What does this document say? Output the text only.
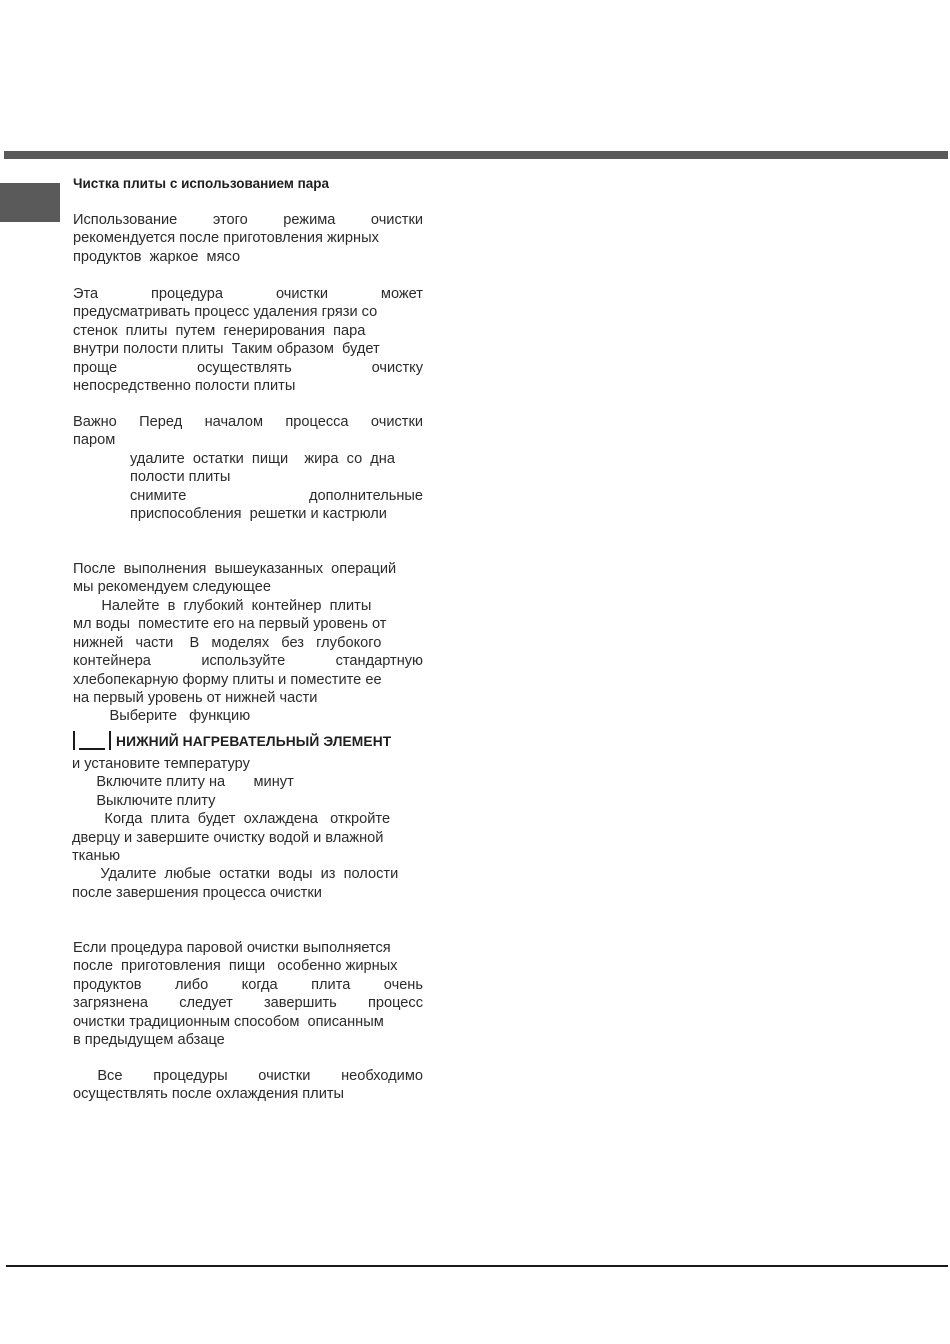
Чистка плиты с использованием пара
Использование этого режима очистки
рекомендуется после приготовления жирных
продуктов  жаркое  мясо
Эта	процедура	очистки	может
предусматривать процесс удаления грязи со
стенок  плиты  путем  генерирования  пара
внутри полости плиты  Таким образом  будет
проще	осуществлять	очистку
непосредственно полости плиты
Важно Перед началом процесса очистки
паром
удалите  остатки  пищи    жира  со  дна
полости плиты
снимите	дополнительные
приспособления  решетки и кастрюли
После  выполнения  вышеуказанных  операций
мы рекомендуем следующее
Налейте  в  глубокий  контейнер  плиты
мл воды  поместите его на первый уровень от
нижней   части    В   моделях   без   глубокого
контейнера	используйте	стандартную
хлебопекарную форму плиты и поместите ее
на первый уровень от нижней части
Выберите   функцию
НИЖНИЙ НАГРЕВАТЕЛЬНЫЙ ЭЛЕМЕНТ
и установите температуру
Включите плиту на       минут
Выключите плиту
Когда  плита  будет  охлаждена   откройте
дверцу и завершите очистку водой и влажной
тканью
Удалите  любые  остатки  воды  из  полости
после завершения процесса очистки
Если процедура паровой очистки выполняется
после  приготовления  пищи   особенно жирных
продуктов либо когда плита очень
загрязнена следует завершить процесс
очистки традиционным способом  описанным
в предыдущем абзаце
Все процедуры очистки необходимо
осуществлять после охлаждения плиты
